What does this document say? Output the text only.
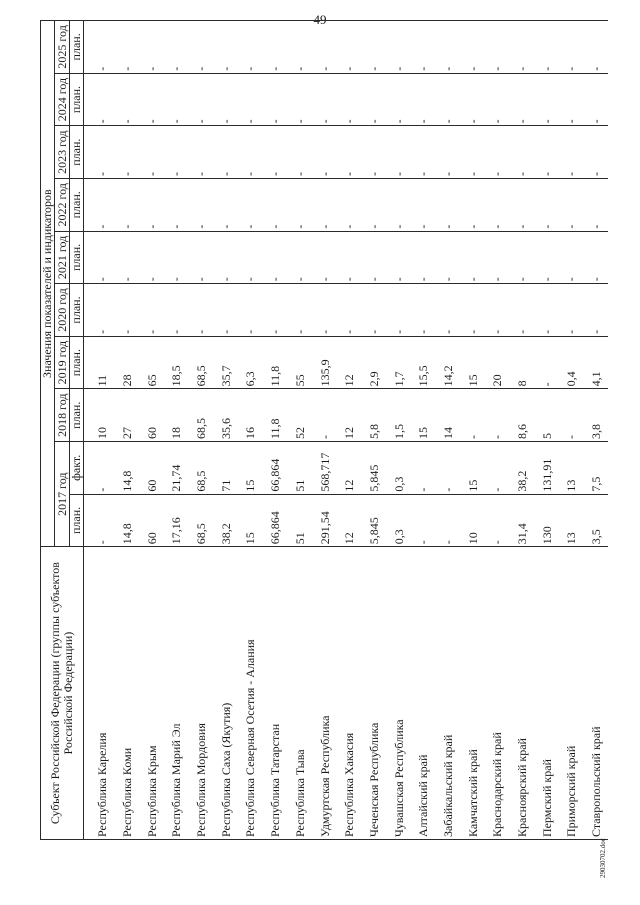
49
Субъект Российской Федерации (группы субъектов Российской Федерации)	Значения показателей и индикаторов									
	2017 год		2018 год	2019 год	2020 год	2021 год	2022 год	2023 год	2024 год	2025 год
	план.	факт.	план.	план.	план.	план.	план.	план.	план.	план.
Республика Карелия	-	-	10	11	-	-	-	-	-	-
Республика Коми	14,8	14,8	27	28	-	-	-	-	-	-
Республика Крым	60	60	60	65	-	-	-	-	-	-
Республика Марий Эл	17,16	21,74	18	18,5	-	-	-	-	-	-
Республика Мордовия	68,5	68,5	68,5	68,5	-	-	-	-	-	-
Республика Саха (Якутия)	38,2	71	35,6	35,7	-	-	-	-	-	-
Республика Северная Осетия - Алания	15	15	16	6,3	-	-	-	-	-	-
Республика Татарстан	66,864	66,864	11,8	11,8	-	-	-	-	-	-
Республика Тыва	51	51	52	55	-	-	-	-	-	-
Удмуртская Республика	291,54	568,717	-	135,9	-	-	-	-	-	-
Республика Хакасия	12	12	12	12	-	-	-	-	-	-
Чеченская Республика	5,845	5,845	5,8	2,9	-	-	-	-	-	-
Чувашская Республика	0,3	0,3	1,5	1,7	-	-	-	-	-	-
Алтайский край	-	-	15	15,5	-	-	-	-	-	-
Забайкальский край	-	-	14	14,2	-	-	-	-	-	-
Камчатский край	10	15	-	15	-	-	-	-	-	-
Краснодарский край	-	-	-	20	-	-	-	-	-	-
Красноярский край	31,4	38,2	8,6	8	-	-	-	-	-	-
Пермский край	130	131,91	5	-	-	-	-	-	-	-
Приморский край	13	13	-	0,4	-	-	-	-	-	-
Ставропольский край	3,5	7,5	3,8	4,1	-	-	-	-	-	-
29030702.doc
